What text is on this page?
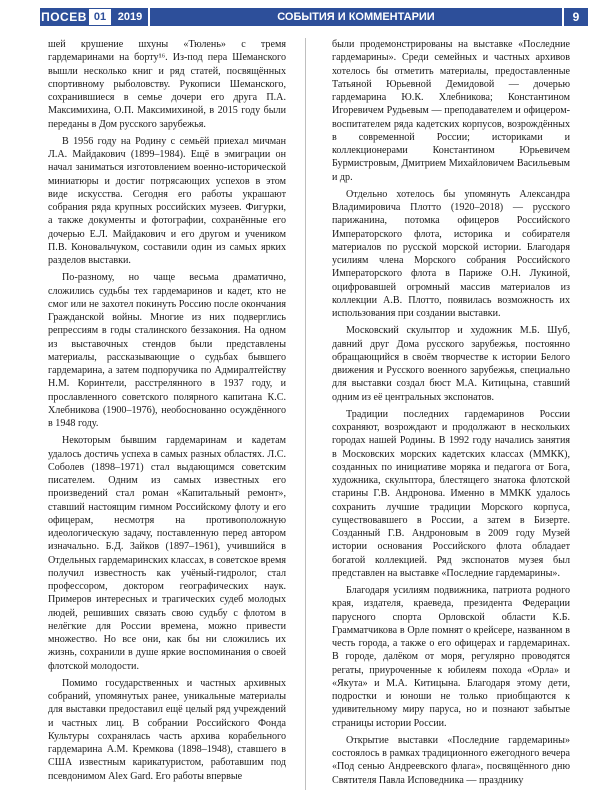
ПОСЕВ 01	2019	СОБЫТИЯ И КОММЕНТАРИИ	9

шей крушение шхуны «Тюлень» с тремя гардемаринами на борту¹⁶. Из-под пера Шеманского вышли несколько книг и ряд статей, посвящённых спортивному рыболовству. Рукописи Шеманского, сохранившиеся в семье дочери его друга П.А. Максимихина, О.П. Максимихиной, в 2015 году были переданы в Дом русского зарубежья.

В 1956 году на Родину с семьёй приехал мичман Л.А. Майдакович (1899–1984). Ещё в эмиграции он начал заниматься изготовлением военно-исторической миниатюры и достиг потрясающих успехов в этом виде искусства. Сегодня его работы украшают собрания ряда крупных российских музеев. Фигурки, а также документы и фотографии, сохранённые его дочерью Е.Л. Майдакович и его другом и учеником П.В. Коновальчуком, составили один из самых ярких разделов выставки.

По-разному, но чаще весьма драматично, сложились судьбы тех гардемаринов и кадет, кто не смог или не захотел покинуть Россию после окончания Гражданской войны. Многие из них подверглись репрессиям в годы сталинского беззакония. На одном из выставочных стендов были представлены материалы, рассказывающие о судьбах бывшего гардемарина, а затем подпоручика по Адмиралтейству Н.М. Коринтели, расстрелянного в 1937 году, и прославленного советского полярного капитана К.С. Хлебникова (1900–1976), необоснованно осуждённого в 1948 году.

Некоторым бывшим гардемаринам и кадетам удалось достичь успеха в самых разных областях. Л.С. Соболев (1898–1971) стал выдающимся советским писателем. Одним из самых известных его произведений стал роман «Капитальный ремонт», ставший настоящим гимном Российскому флоту и его офицерам, несмотря на противоположную идеологическую задачу, поставленную перед автором изначально. Б.Д. Зайков (1897–1961), учившийся в Отдельных гардемаринских классах, в советское время получил известность как учёный-гидролог, стал профессором, доктором географических наук. Примеров интересных и трагических судеб молодых людей, решивших связать свою судьбу с флотом в нелёгкие для России времена, можно привести множество. Но все они, как бы ни сложились их жизнь, сохранили в душе яркие воспоминания о своей флотской молодости.

Помимо государственных и частных архивных собраний, упомянутых ранее, уникальные материалы для выставки предоставил ещё целый ряд учреждений и частных лиц. В собрании Российского Фонда Культуры сохранялась часть архива корабельного гардемарина А.М. Кремкова (1898–1948), ставшего в США известным карикатуристом, работавшим под псевдонимом Alex Gard. Его работы впервые

были продемонстрированы на выставке «Последние гардемарины». Среди семейных и частных архивов хотелось бы отметить материалы, предоставленные Татьяной Юрьевной Демидовой — дочерью гардемарина Ю.К. Хлебникова; Константином Игоревичем Рудьевым — преподавателем и офицером-воспитателем ряда кадетских корпусов, возрождённых в современной России; историками и коллекционерами Константином Юрьевичем Бурмистровым, Дмитрием Михайловичем Васильевым и др.

Отдельно хотелось бы упомянуть Александра Владимировича Плотто (1920–2018) — русского парижанина, потомка офицеров Российского Императорского флота, историка и собирателя материалов по русской морской истории. Благодаря усилиям члена Морского собрания Российского Императорского флота в Париже О.Н. Лукиной, оцифровавшей огромный массив материалов из коллекции А.В. Плотто, появилась возможность их использования при создании выставки.

Московский скульптор и художник М.Б. Шуб, давний друг Дома русского зарубежья, постоянно обращающийся в своём творчестве к истории Белого движения и Русского военного зарубежья, специально для выставки создал бюст М.А. Китицына, ставший одним из её центральных экспонатов.

Традиции последних гардемаринов России сохраняют, возрождают и продолжают в нескольких городах нашей Родины. В 1992 году начались занятия в Московских морских кадетских классах (ММКК), созданных по инициативе моряка и педагога от Бога, художника, скульптора, блестящего знатока флотской старины Г.В. Андронова. Именно в ММКК удалось сохранить лучшие традиции Морского корпуса, существовавшего в России, а затем в Бизерте. Созданный Г.В. Андроновым в 2009 году Музей истории основания Российского флота обладает богатой коллекцией. Ряд экспонатов музея был представлен на выставке «Последние гардемарины».

Благодаря усилиям подвижника, патриота родного края, издателя, краеведа, президента Федерации парусного спорта Орловской области К.Б. Грамматчикова в Орле помнят о крейсере, названном в честь города, а также о его офицерах и гардемаринах. В городе, далёком от моря, регулярно проводятся регаты, приуроченные к юбилеям похода «Орла» и «Якута» и М.А. Китицына. Благодаря этому дети, подростки и юноши не только приобщаются к удивительному миру паруса, но и познают забытые страницы истории России.

Открытие выставки «Последние гардемарины» состоялось в рамках традиционного ежегодного вечера «Под сенью Андреевского флага», посвящённого дню Святителя Павла Исповедника — празднику
